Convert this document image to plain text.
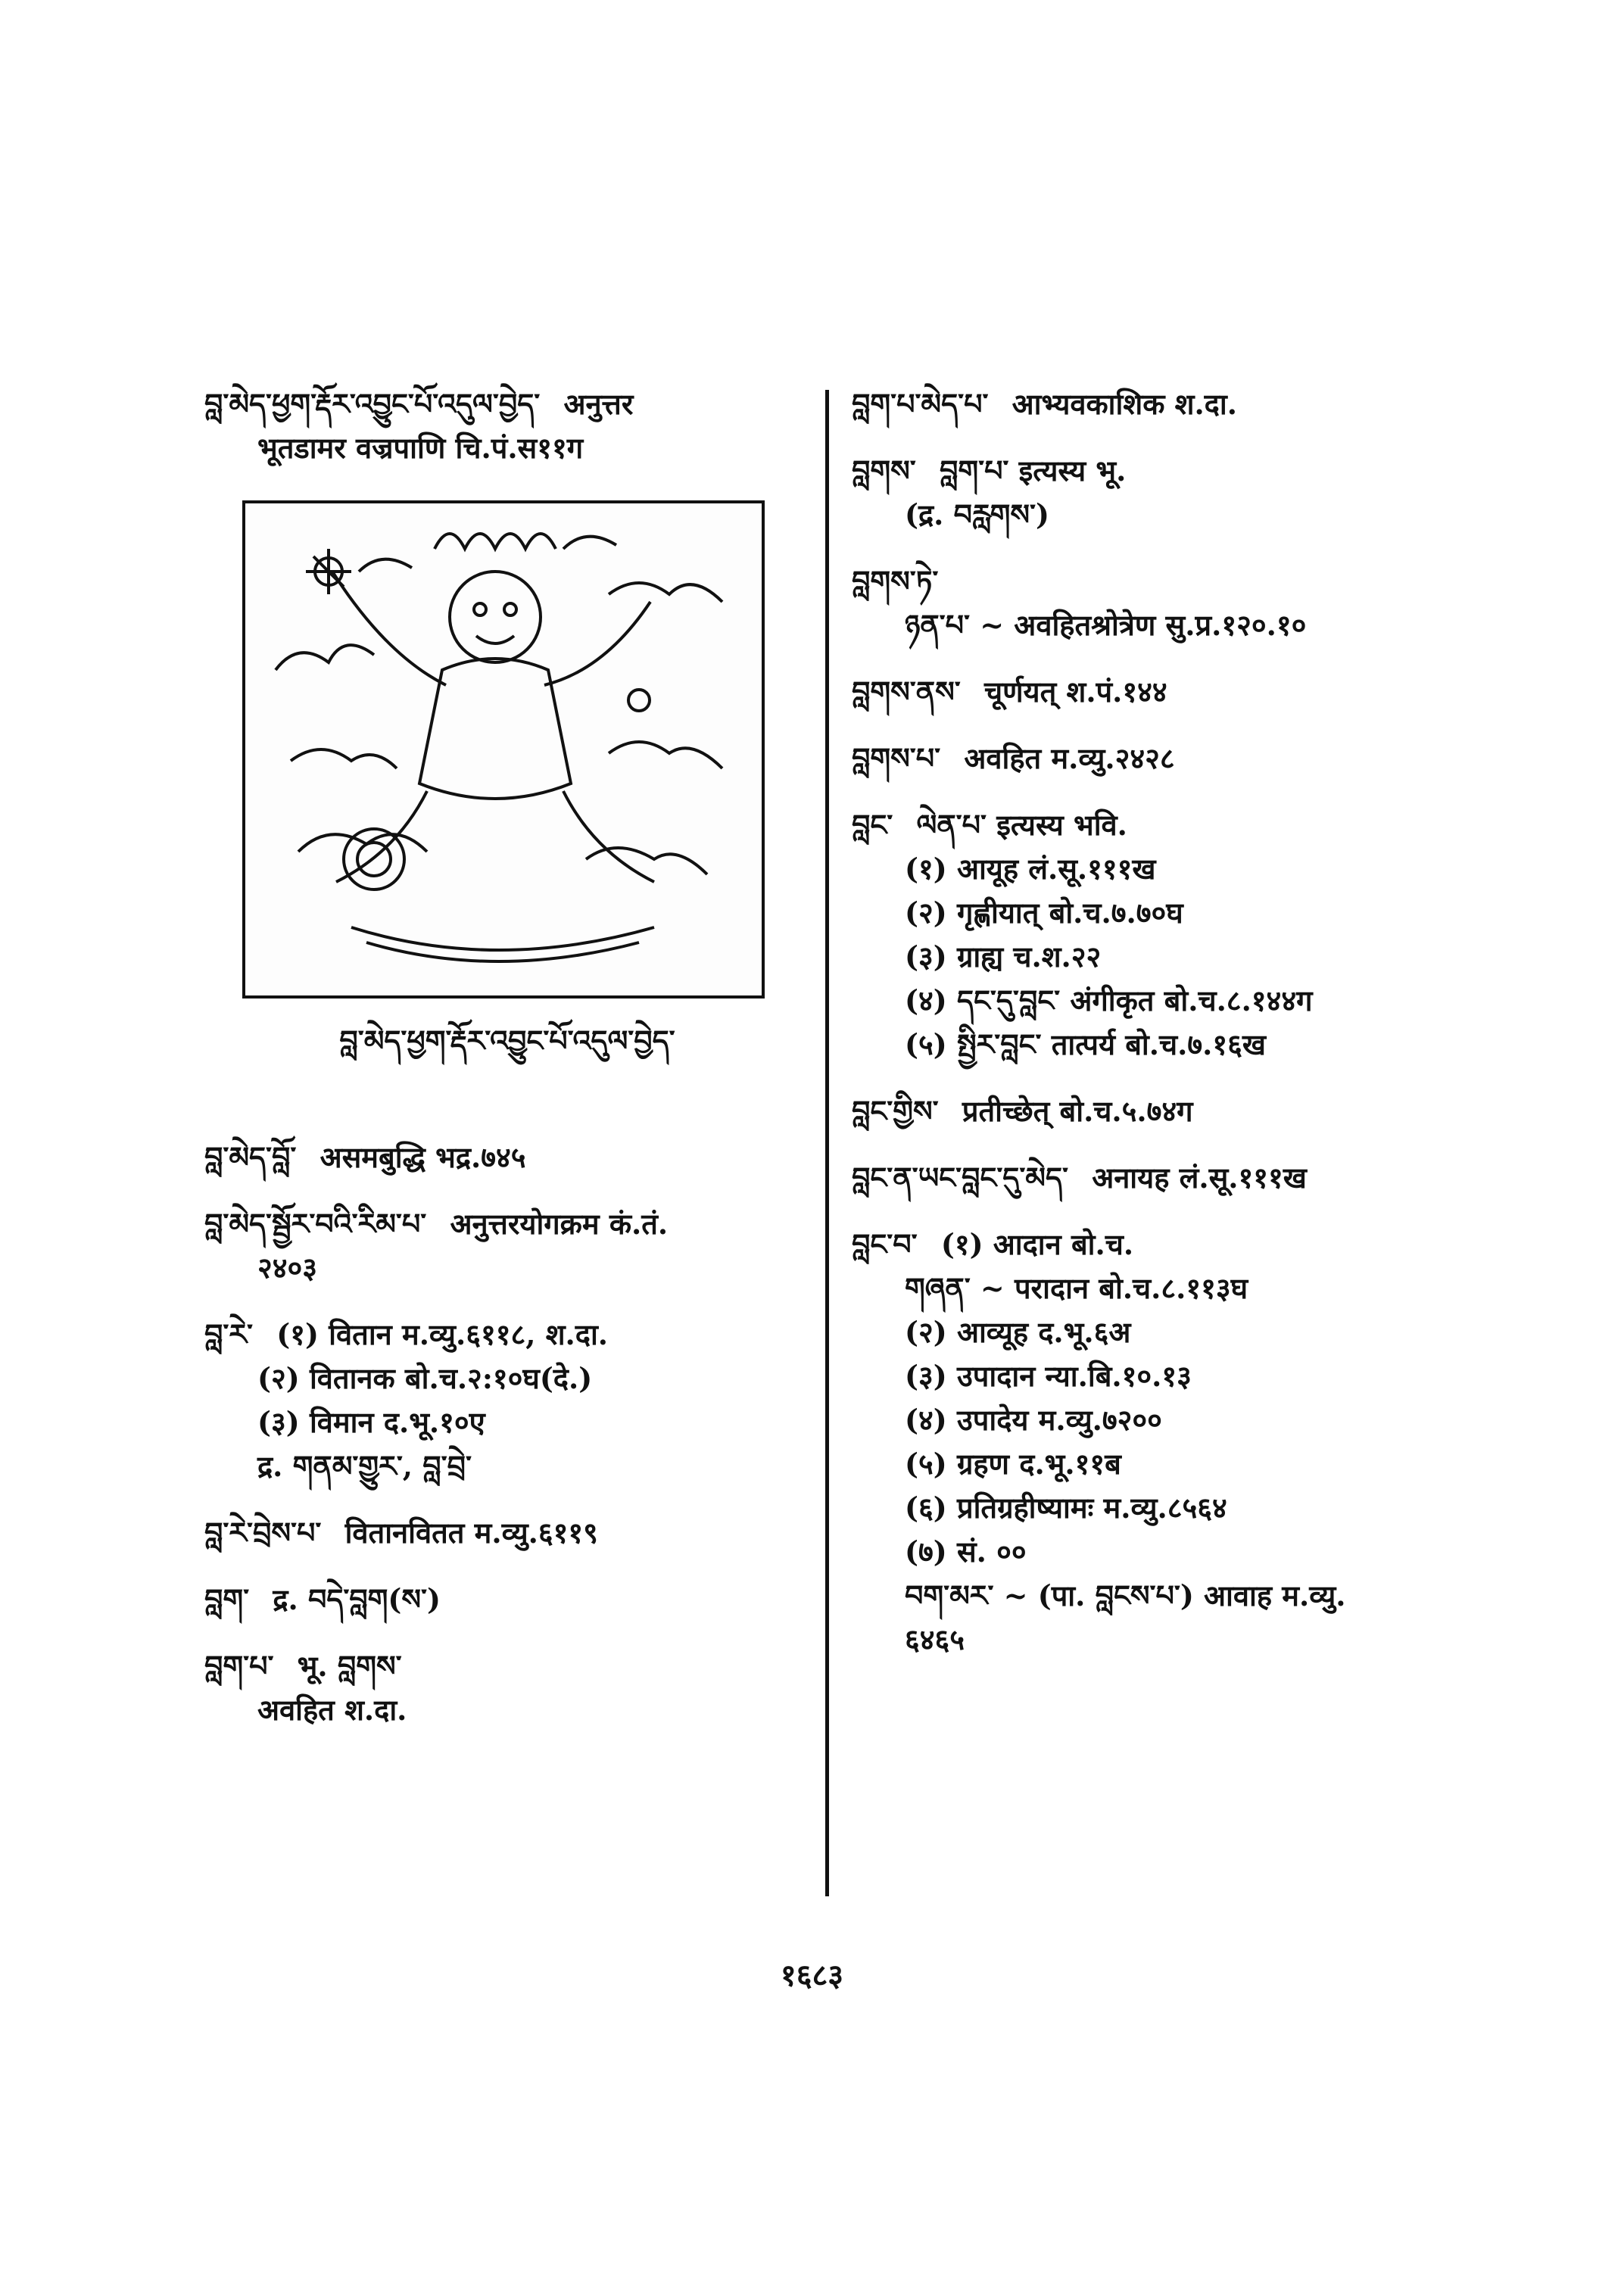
བླ་མེད་ཕྱག་རྡོར་འབྱུང་པོ་འདུལ་བྱེད་ अनुत्तर
भूतडामर वज्रपाणि चि.पं.स११ग
བླ་མེད་ཕྱག་རྡོར་འབྱུང་པོ་འདུལ་བྱེད་
བླ་མེད་བློ་ असमबुद्धि भद्र.७४५
བླ་མེད་སྦྱོར་བའི་རིམ་པ་ अनुत्तरयोगक्रम कं.तं.
२४०३
བླ་རེ་ (१) वितान म.व्यु.६११८, श.दा.
(२) वितानक बो.च.२:१०घ(दे.)
(३) विमान द.भू.१०ए
द्र. གནམ་གྱུར་, བླ་བྲེ་
བླ་རེ་བྲེས་པ་ वितानवितत म.व्यु.६११९
བླག་ द्र. བདེ་བླག(ས་)
བླག་པ་ भू. བླགས་
अवहित श.दा.
བླག་པ་མེད་པ་ आभ्यवकाशिक श.दा.
བླགས་ བླག་པ་ इत्यस्य भू.
(द्र. བརླགས་)
བླགས་ཏེ་
ཉན་པ་ ~ अवहितश्रोत्रेण सु.प्र.१२०.१०
བླགས་ནས་ चूर्णयत् श.पं.१४४
བླགས་པ་ अवहित म.व्यु.२४२८
བླང་ ལེན་པ་ इत्यस्य भवि.
(१) आयूह लं.सू.१११ख
(२) गृह्णीयात् बो.च.७.७०घ
(३) ग्राह्य च.श.२२
(४) དང་དུ་བླང་ अंगीकृत बो.च.८.१४४ग
(५) སྤྱིར་བླང་ तात्पर्य बो.च.७.१६ख
བླང་གྱིས་ प्रतीच्छेत् बो.च.५.७४ग
བླང་ན་ཡང་བླང་དུ་མེད་ अनायह लं.सू.१११ख
བླང་བ་ (१) आदान बो.च.
གཞན་ ~ परादान बो.च.८.११३घ
(२) आव्यूह द.भू.६अ
(३) उपादान न्या.बि.१०.१३
(४) उपादेय म.व्यु.७२००
(५) ग्रहण द.भू.११ब
(६) प्रतिग्रहीष्यामः म.व्यु.८५६४
(७) सं. ००
བག་མར་ ~ (पा. བླངས་པ་) आवाह म.व्यु.
६४६५
१६८३
